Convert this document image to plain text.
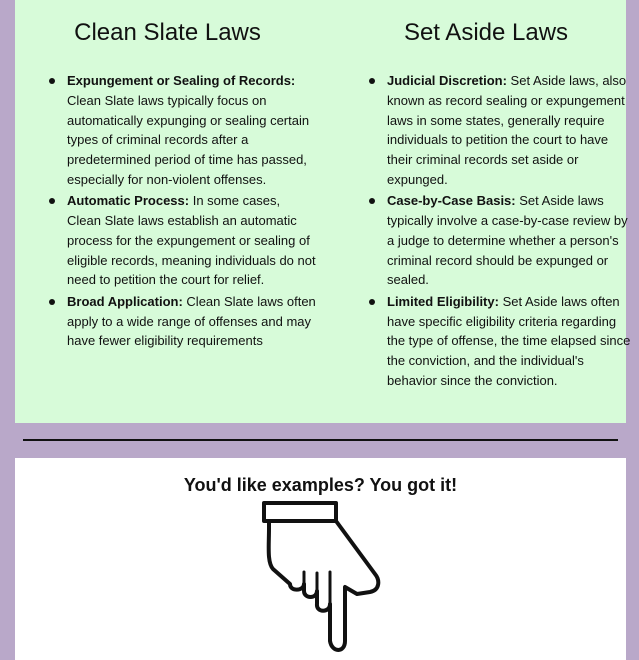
Clean Slate Laws
Expungement or Sealing of Records: Clean Slate laws typically focus on automatically expunging or sealing certain types of criminal records after a predetermined period of time has passed, especially for non-violent offenses.
Automatic Process: In some cases, Clean Slate laws establish an automatic process for the expungement or sealing of eligible records, meaning individuals do not need to petition the court for relief.
Broad Application: Clean Slate laws often apply to a wide range of offenses and may have fewer eligibility requirements
Set Aside Laws
Judicial Discretion: Set Aside laws, also known as record sealing or expungement laws in some states, generally require individuals to petition the court to have their criminal records set aside or expunged.
Case-by-Case Basis: Set Aside laws typically involve a case-by-case review by a judge to determine whether a person's criminal record should be expunged or sealed.
Limited Eligibility: Set Aside laws often have specific eligibility criteria regarding the type of offense, the time elapsed since the conviction, and the individual's behavior since the conviction.
You'd like examples? You got it!
